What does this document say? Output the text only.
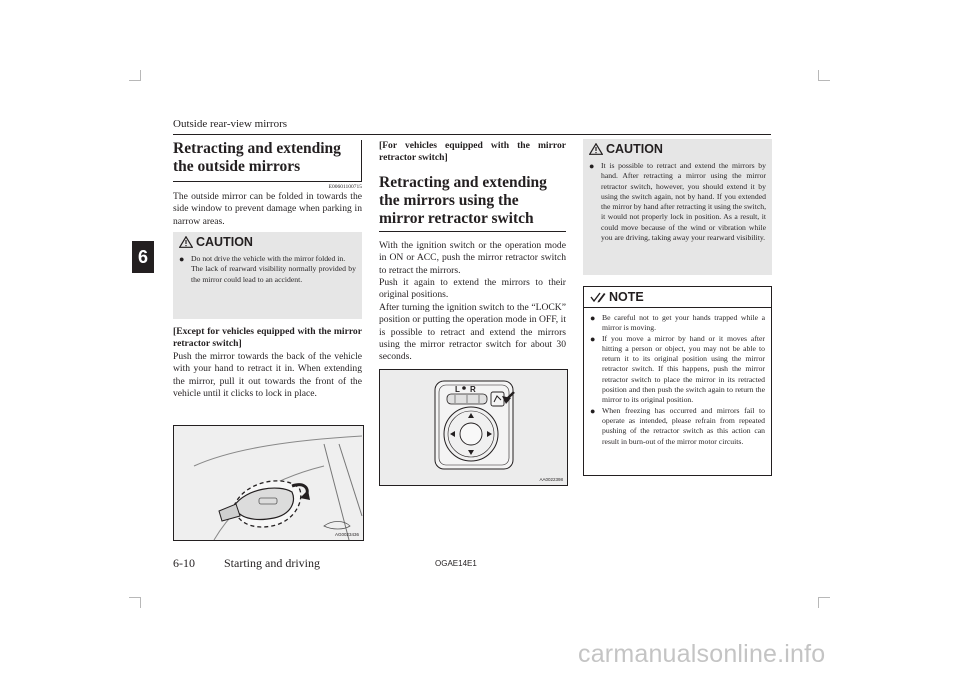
Outside rear-view mirrors
6
Retracting and extending the outside mirrors
E00601100715
The outside mirror can be folded in towards the side window to prevent damage when parking in narrow areas.
CAUTION
● Do not drive the vehicle with the mirror folded in.
The lack of rearward visibility normally provided by the mirror could lead to an accident.
[Except for vehicles equipped with the mirror retractor switch]
Push the mirror towards the back of the vehicle with your hand to retract it in. When extending the mirror, pull it out towards the front of the vehicle until it clicks to lock in place.
AG0023436
[For vehicles equipped with the mirror retractor switch]
Retracting and extending the mirrors using the mirror retractor switch
With the ignition switch or the operation mode in ON or ACC, push the mirror retractor switch to retract the mirrors.
Push it again to extend the mirrors to their original positions.
After turning the ignition switch to the “LOCK” position or putting the operation mode in OFF, it is possible to retract and extend the mirrors using the mirror retractor switch for about 30 seconds.
L R
AA0022398
CAUTION
● It is possible to retract and extend the mirrors by hand. After retracting a mirror using the mirror retractor switch, however, you should extend it by using the switch again, not by hand. If you extended the mirror by hand after retracting it using the switch, it would not properly lock in position. As a result, it could move because of the wind or vibration while you are driving, taking away your rearward visibility.
NOTE
● Be careful not to get your hands trapped while a mirror is moving.
● If you move a mirror by hand or it moves after hitting a person or object, you may not be able to return it to its original position using the mirror retractor switch. If this happens, push the mirror retractor switch to place the mirror in its retracted position and then push the switch again to return the mirror to its original position.
● When freezing has occurred and mirrors fail to operate as intended, please refrain from repeated pushing of the retractor switch as this action can result in burn-out of the mirror motor circuits.
6-10 Starting and driving	OGAE14E1
carmanualsonline.info
